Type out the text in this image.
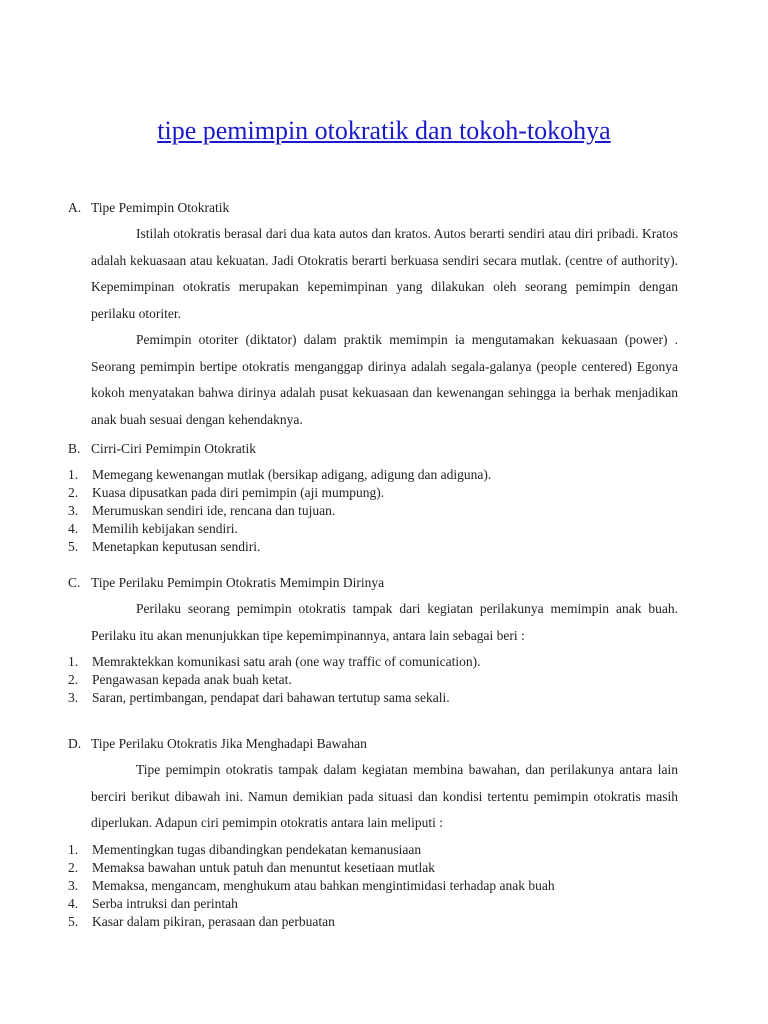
tipe pemimpin otokratik dan tokoh-tokohya
A. Tipe Pemimpin Otokratik

Istilah otokratis berasal dari dua kata autos dan kratos. Autos berarti sendiri atau diri pribadi. Kratos adalah kekuasaan atau kekuatan. Jadi Otokratis berarti berkuasa sendiri secara mutlak. (centre of authority). Kepemimpinan otokratis merupakan kepemimpinan yang dilakukan oleh seorang pemimpin dengan perilaku otoriter.

Pemimpin otoriter (diktator) dalam praktik memimpin ia mengutamakan kekuasaan (power) . Seorang pemimpin bertipe otokratis menganggap dirinya adalah segala-galanya (people centered) Egonya kokoh menyatakan bahwa dirinya adalah pusat kekuasaan dan kewenangan sehingga ia berhak menjadikan anak buah sesuai dengan kehendaknya.

B. Cirri-Ciri Pemimpin Otokratik
1. Memegang kewenangan mutlak (bersikap adigang, adigung dan adiguna).
2. Kuasa dipusatkan pada diri pemimpin (aji mumpung).
3. Merumuskan sendiri ide, rencana dan tujuan.
4. Memilih kebijakan sendiri.
5. Menetapkan keputusan sendiri.
C. Tipe Perilaku Pemimpin Otokratis Memimpin Dirinya

Perilaku seorang pemimpin otokratis tampak dari kegiatan perilakunya memimpin anak buah. Perilaku itu akan menunjukkan tipe kepemimpinannya, antara lain sebagai beri :

1. Memraktekkan komunikasi satu arah (one way traffic of comunication).
2. Pengawasan kepada anak buah ketat.
3. Saran, pertimbangan, pendapat dari bahawan tertutup sama sekali.
D. Tipe Perilaku Otokratis Jika Menghadapi Bawahan

Tipe pemimpin otokratis tampak dalam kegiatan membina bawahan, dan perilakunya antara lain berciri berikut dibawah ini. Namun demikian pada situasi dan kondisi tertentu pemimpin otokratis masih diperlukan. Adapun ciri pemimpin otokratis antara lain meliputi :

1. Mementingkan tugas dibandingkan pendekatan kemanusiaan
2. Memaksa bawahan untuk patuh dan menuntut kesetiaan mutlak
3. Memaksa, mengancam, menghukum atau bahkan mengintimidasi terhadap anak buah
4. Serba intruksi dan perintah
5. Kasar dalam pikiran, perasaan dan perbuatan
